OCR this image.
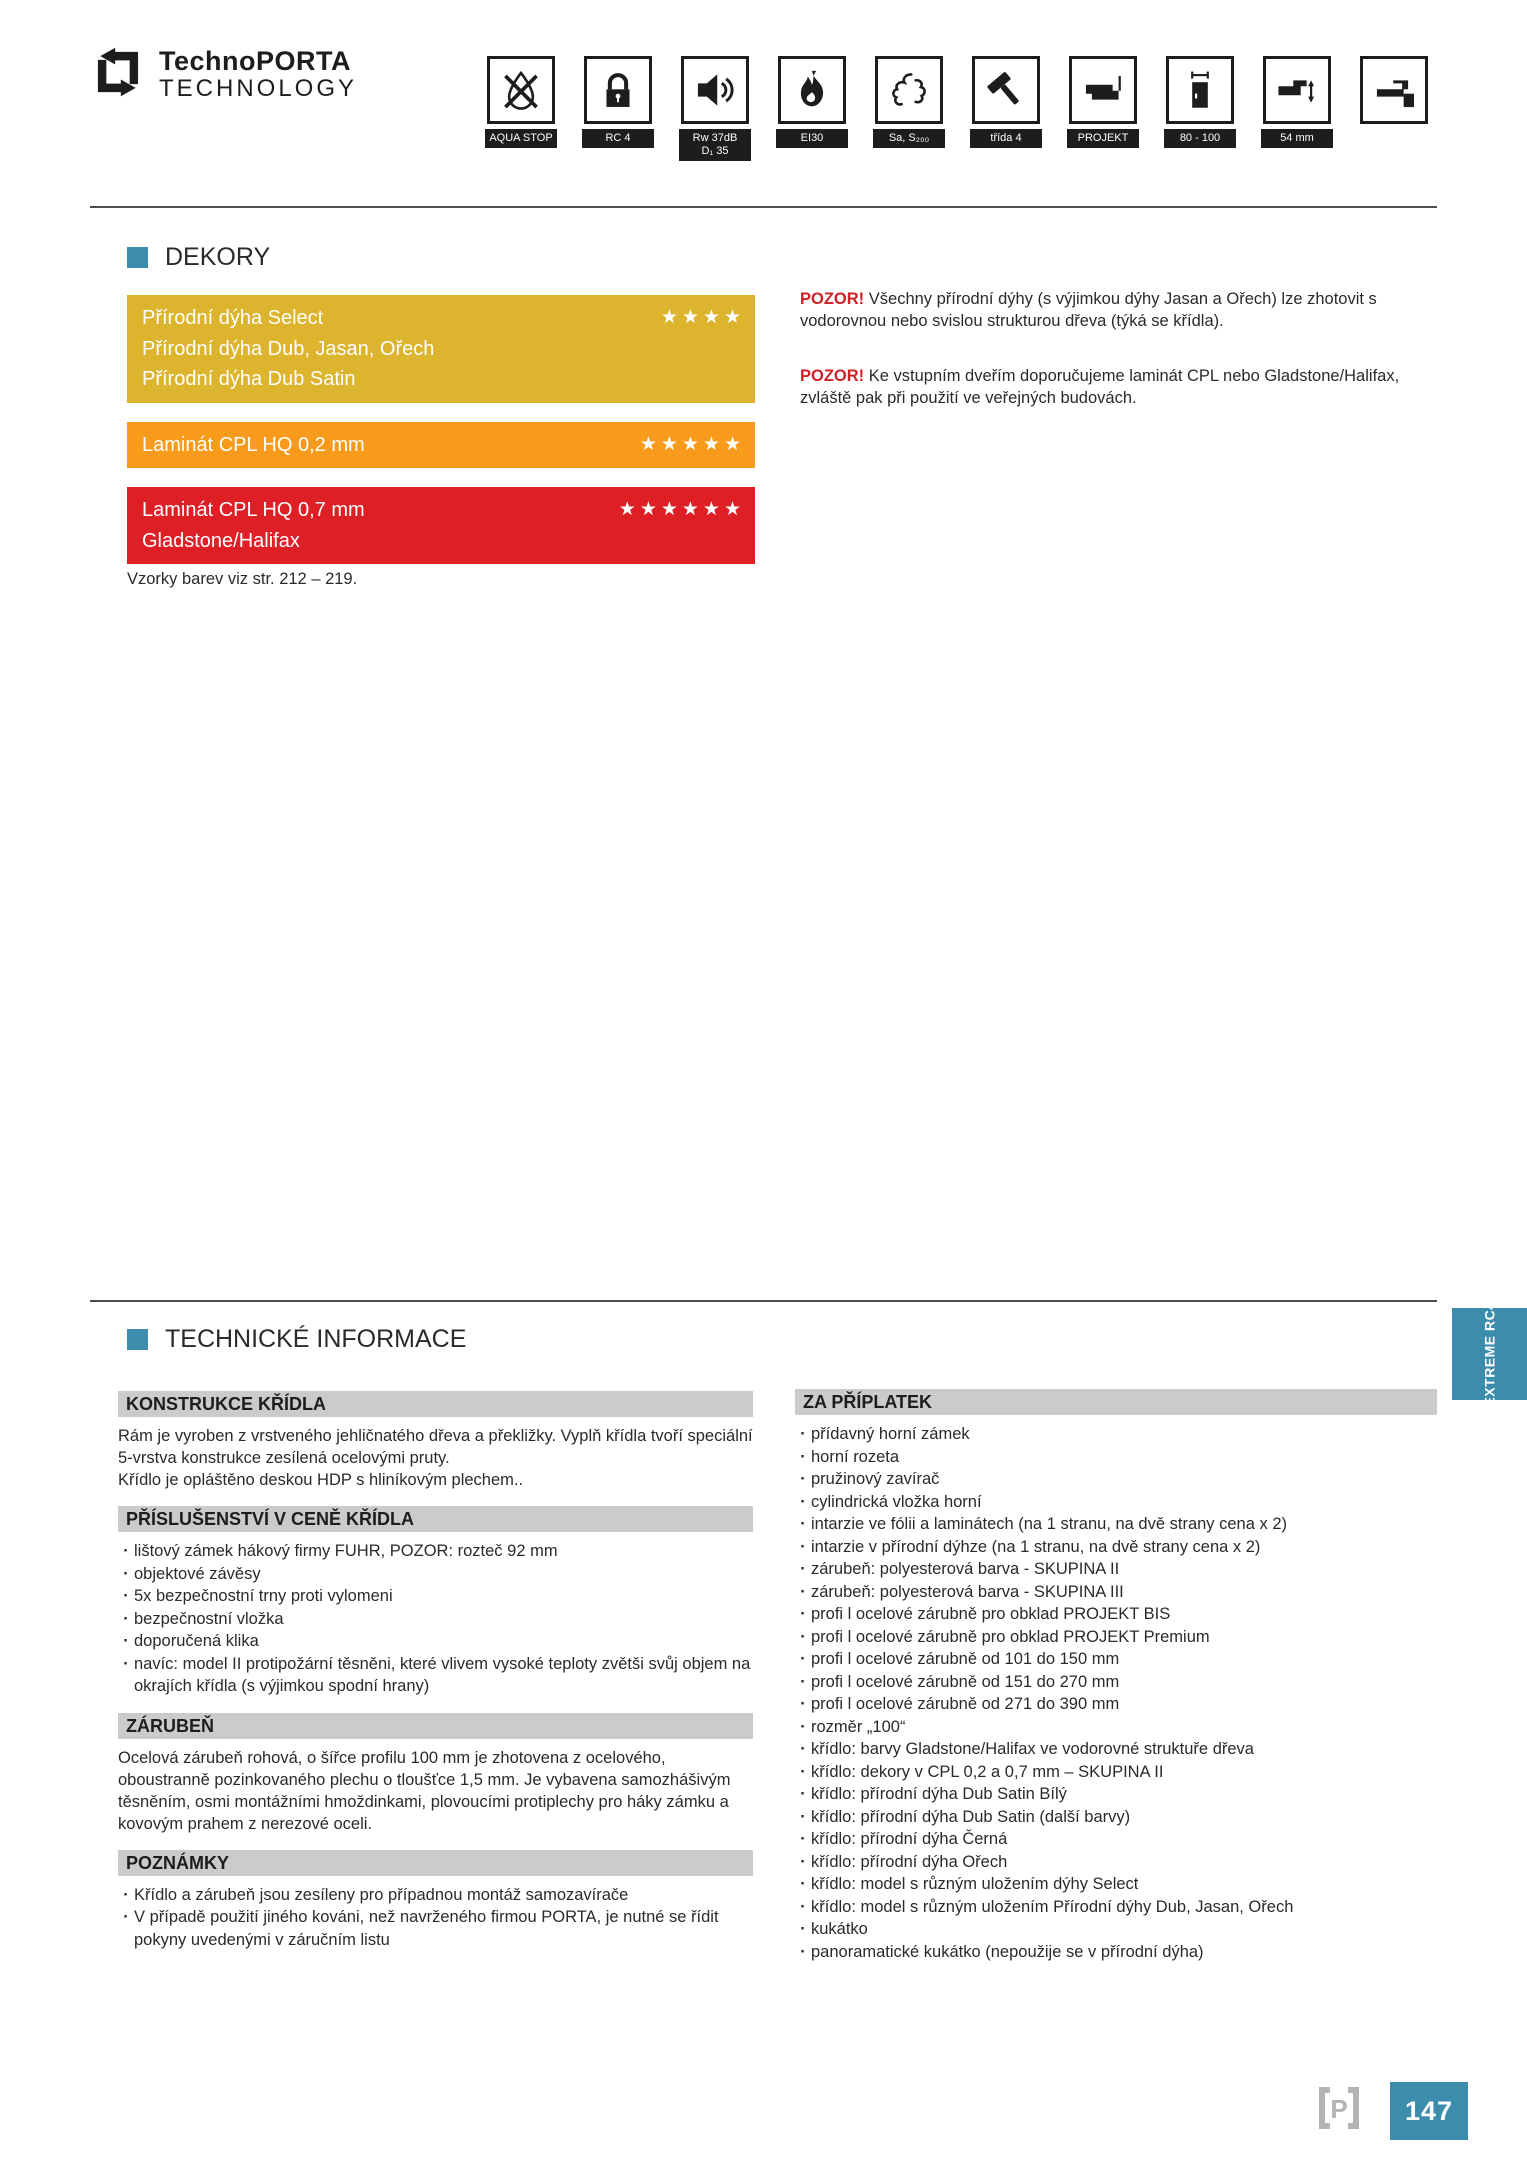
TechnoPORTA
TECHNOLOGY
AQUA STOP	RC 4	Rw 37dB
D₁ 35
EI30	Sa, S₂₀₀	třída 4	PROJEKT	80 - 100	54 mm
DEKORY
★★★★
Přírodní dýha Select
Přírodní dýha Dub, Jasan, Ořech
Přírodní dýha Dub Satin
★★★★★
Laminát CPL HQ 0,2 mm
★★★★★★
Laminát CPL HQ 0,7 mm
Gladstone/Halifax
Vzorky barev viz str. 212 – 219.

POZOR! Všechny přírodní dýhy (s výjimkou dýhy Jasan a Ořech) lze zhotovit s vodorovnou nebo svislou strukturou dřeva (týká se křídla).

POZOR! Ke vstupním dveřím doporučujeme laminát CPL nebo Gladstone/Halifax, zvláště pak při použití ve veřejných budovách.

TECHNICKÉ INFORMACE
KONSTRUKCE KŘÍDLA

Rám je vyroben z vrstveného jehličnatého dřeva a překližky. Vyplň křídla tvoří speciální 5-vrstva konstrukce zesílená ocelovými pruty.

Křídlo je opláštěno deskou HDP s hliníkovým plechem..

PŘÍSLUŠENSTVÍ V CENĚ KŘÍDLA
· lištový zámek hákový firmy FUHR, POZOR: rozteč 92 mm
· objektové závěsy
· 5x bezpečnostní trny proti vylomeni
· bezpečnostní vložka
· doporučená klika
· navíc: model II protipožární těsněni, které vlivem vysoké teploty zvětši svůj objem na okrajích křídla (s výjimkou spodní hrany)
ZÁRUBEŇ

Ocelová zárubeň rohová, o šířce profilu 100 mm je zhotovena z ocelového, oboustranně pozinkovaného plechu o tloušťce 1,5 mm. Je vybavena samozhášivým těsněním, osmi montážními hmoždinkami, plovoucími protiplechy pro háky zámku a kovovým prahem z nerezové oceli.

POZNÁMKY
· Křídlo a zárubeň jsou zesíleny pro případnou montáž samozavírače
· V případě použití jiného kováni, než navrženého firmou PORTA, je nutné se řídit pokyny uvedenými v záručním listu
ZA PŘÍPLATEK
· přídavný horní zámek
· horní rozeta
· pružinový zavírač
· cylindrická vložka horní
· intarzie ve fólii a laminátech (na 1 stranu, na dvě strany cena x 2)
· intarzie v přírodní dýhze (na 1 stranu, na dvě strany cena x 2)
· zárubeň: polyesterová barva - SKUPINA II
· zárubeň: polyesterová barva - SKUPINA III
· profi l ocelové zárubně pro obklad PROJEKT BIS
· profi l ocelové zárubně pro obklad PROJEKT Premium
· profi l ocelové zárubně od 101 do 150 mm
· profi l ocelové zárubně od 151 do 270 mm
· profi l ocelové zárubně od 271 do 390 mm
· rozměr „100“
· křídlo: barvy Gladstone/Halifax ve vodorovné struktuře dřeva
· křídlo: dekory v CPL 0,2 a 0,7 mm – SKUPINA II
· křídlo: přírodní dýha Dub Satin Bílý
· křídlo: přírodní dýha Dub Satin (další barvy)
· křídlo: přírodní dýha Černá
· křídlo: přírodní dýha Ořech
· křídlo: model s různým uložením dýhy Select
· křídlo: model s různým uložením Přírodní dýhy Dub, Jasan, Ořech
· kukátko
· panoramatické kukátko (nepoužije se v přírodní dýha)
EXTREME RC4
P 147
